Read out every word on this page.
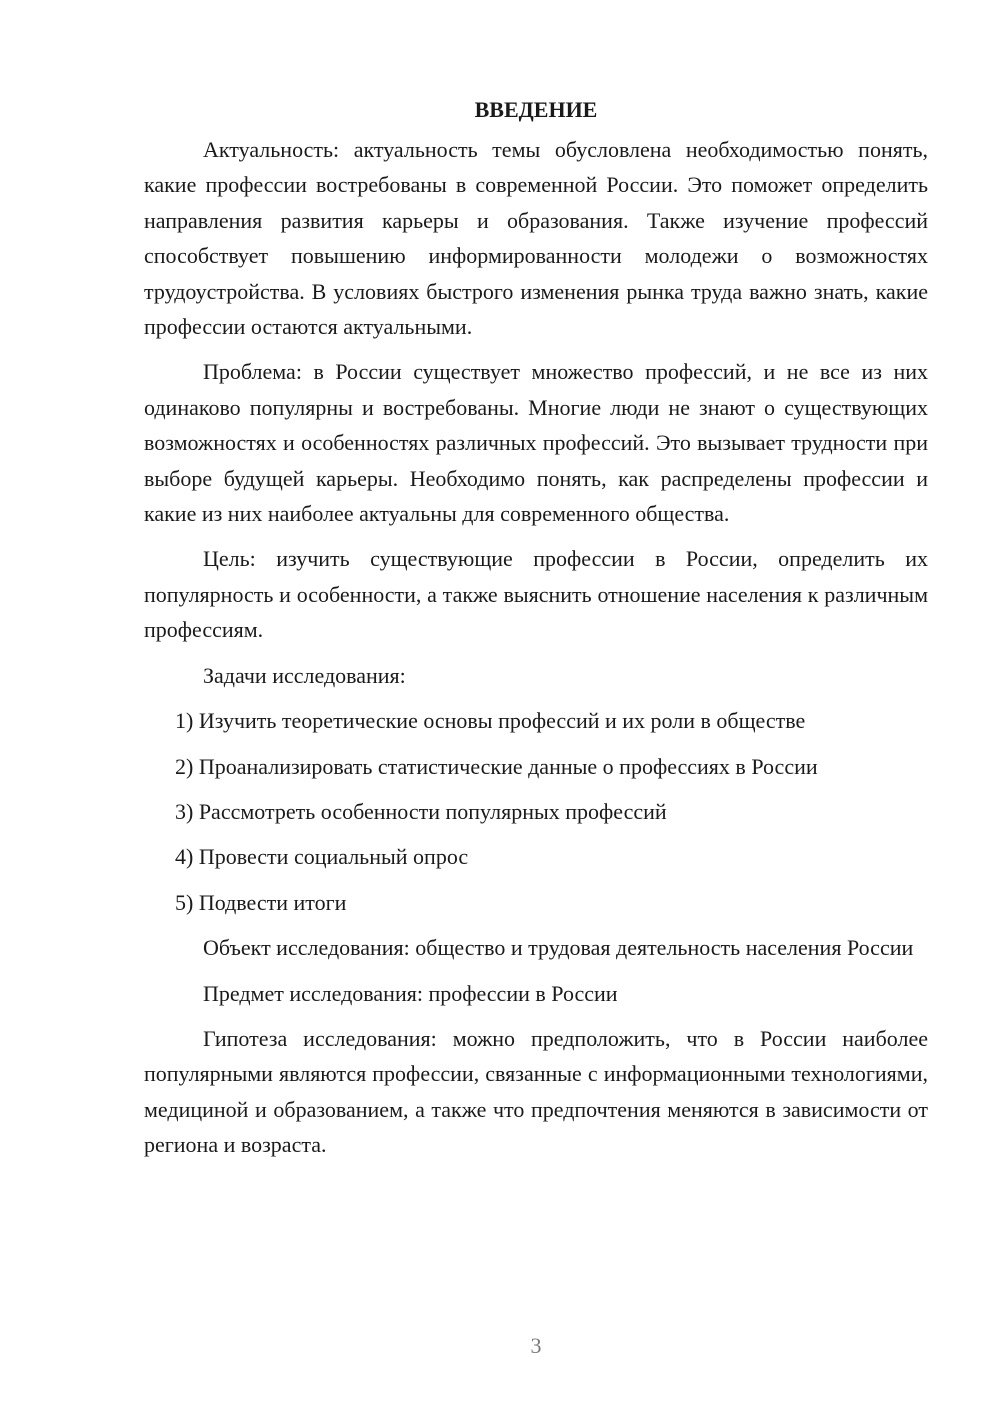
ВВЕДЕНИЕ

Актуальность: актуальность темы обусловлена необходимостью понять, какие профессии востребованы в современной России. Это поможет определить направления развития карьеры и образования. Также изучение профессий способствует повышению информированности молодежи о возможностях трудоустройства. В условиях быстрого изменения рынка труда важно знать, какие профессии остаются актуальными.

Проблема: в России существует множество профессий, и не все из них одинаково популярны и востребованы. Многие люди не знают о существующих возможностях и особенностях различных профессий. Это вызывает трудности при выборе будущей карьеры. Необходимо понять, как распределены профессии и какие из них наиболее актуальны для современного общества.

Цель: изучить существующие профессии в России, определить их популярность и особенности, а также выяснить отношение населения к различным профессиям.

Задачи исследования:

1) Изучить теоретические основы профессий и их роли в обществе
2) Проанализировать статистические данные о профессиях в России
3) Рассмотреть особенности популярных профессий
4) Провести социальный опрос
5) Подвести итоги

Объект исследования: общество и трудовая деятельность населения России

Предмет исследования: профессии в России

Гипотеза исследования: можно предположить, что в России наиболее популярными являются профессии, связанные с информационными технологиями, медициной и образованием, а также что предпочтения меняются в зависимости от региона и возраста.

3
